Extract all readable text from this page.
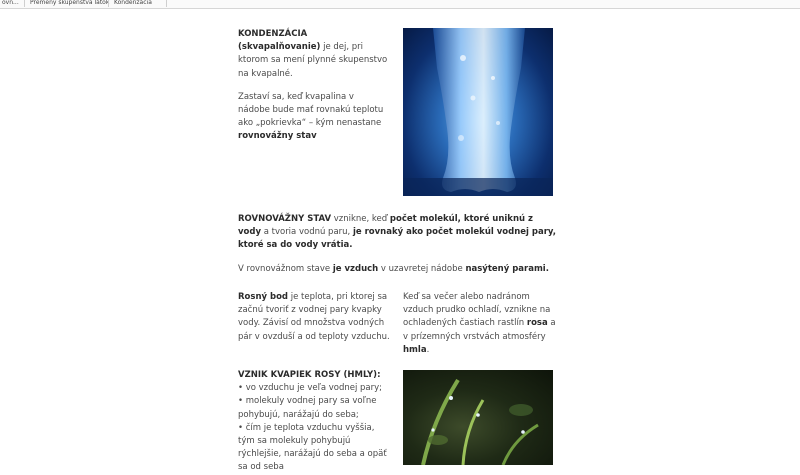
ovn...	Premeny skupenstva látok Kondenzácia

KONDENZÁCIA (skvapalňovanie) je dej, pri ktorom sa mení plynné skupenstvo na kvapalné.

Zastaví sa, keď kvapalina v nádobe bude mať rovnakú teplotu ako „pokrievka“ – kým nenastane rovnovážny stav

ROVNOVÁŽNY STAV vznikne, keď počet molekúl, ktoré uniknú z vody a tvoria vodnú paru, je rovnaký ako počet molekúl vodnej pary, ktoré sa do vody vrátia.

V rovnovážnom stave je vzduch v uzavretej nádobe nasýtený parami.

Rosný bod je teplota, pri ktorej sa začnú tvoriť z vodnej pary kvapky vody. Závisí od množstva vodných pár v ovzduší a od teploty vzduchu.

Keď sa večer alebo nadránom vzduch prudko ochladí, vznikne na ochladených častiach rastlín rosa a v prízemných vrstvách atmosféry hmla.

VZNIK KVAPIEK ROSY (HMLY):

• vo vzduchu je veľa vodnej pary;

• molekuly vodnej pary sa voľne pohybujú, narážajú do seba;

• čím je teplota vzduchu vyššia, tým sa molekuly pohybujú rýchlejšie, narážajú do seba a opäť sa od seba
